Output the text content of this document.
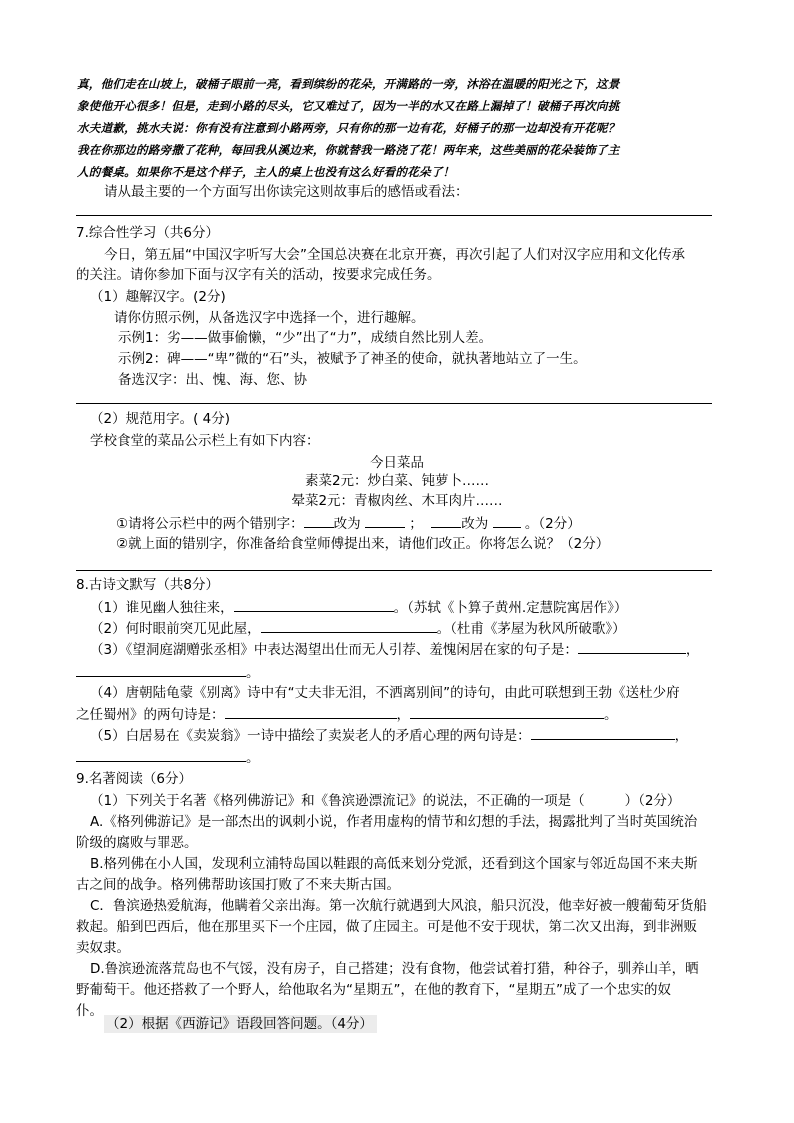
真，他们走在山坡上，破桶子眼前一亮，看到缤纷的花朵，开满路的一旁，沐浴在温暖的阳光之下，这景
象使他开心很多！但是，走到小路的尽头，它又难过了，因为一半的水又在路上漏掉了！破桶子再次向挑
水夫道歉，挑水夫说：你有没有注意到小路两旁，只有你的那一边有花，好桶子的那一边却没有开花呢？
我在你那边的路旁撒了花种，每回我从溪边来，你就替我一路浇了花！两年来，这些美丽的花朵装饰了主
人的餐桌。如果你不是这个样子，主人的桌上也没有这么好看的花朵了！
请从最主要的一个方面写出你读完这则故事后的感悟或看法：
7.综合性学习（共6分）
今日，第五届“中国汉字听写大会”全国总决赛在北京开赛，再次引起了人们对汉字应用和文化传承
的关注。请你参加下面与汉字有关的活动，按要求完成任务。
（1）趣解汉字。(2分)
请你仿照示例，从备选汉字中选择一个，进行趣解。
示例1：劣——做事偷懒，“少”出了“力”，成绩自然比别人差。
示例2：碑——“卑”微的“石”头，被赋予了神圣的使命，就执著地站立了一生。
备选汉字：出、愧、海、您、协
（2）规范用字。( 4分)
学校食堂的菜品公示栏上有如下内容：
今日菜品
素菜2元：炒白菜、钝萝卜……
晕菜2元：青椒肉丝、木耳肉片……
①请将公示栏中的两个错别字： 改为	；	改为	。（2分）
②就上面的错别字，你准备给食堂师傅提出来，请他们改正。你将怎么说？（2分）
8.古诗文默写（共8分）
（1）谁见幽人独往来，	。（苏轼《卜算子黄州.定慧院寓居作》）
（2）何时眼前突兀见此屋，	。（杜甫《茅屋为秋风所破歌》）
（3）《望洞庭湖赠张丞相》中表达渴望出仕而无人引荐、羞愧闲居在家的句子是：	，
。
（4）唐朝陆龟蒙《别离》诗中有“丈夫非无泪，不洒离别间”的诗句，由此可联想到王勃《送杜少府
之任蜀州》的两句诗是：	，	。
（5）白居易在《卖炭翁》一诗中描绘了卖炭老人的矛盾心理的两句诗是：	，
。
9.名著阅读（6分）
（1）下列关于名著《格列佛游记》和《鲁滨逊漂流记》的说法，不正确的一项是（	）（2分）
A.《格列佛游记》是一部杰出的讽刺小说，作者用虚构的情节和幻想的手法，揭露批判了当时英国统治
阶级的腐败与罪恶。
B.格列佛在小人国，发现利立浦特岛国以鞋跟的高低来划分党派，还看到这个国家与邻近岛国不来夫斯
古之间的战争。格列佛帮助该国打败了不来夫斯古国。
C．鲁滨逊热爱航海，他瞒着父亲出海。第一次航行就遇到大风浪，船只沉没，他幸好被一艘葡萄牙货船
救起。船到巴西后，他在那里买下一个庄园，做了庄园主。可是他不安于现状，第二次又出海，到非洲贩
卖奴隶。
D.鲁滨逊流落荒岛也不气馁，没有房子，自己搭建；没有食物，他尝试着打猎，种谷子，驯养山羊，晒
野葡萄干。他还搭救了一个野人，给他取名为“星期五”，在他的教育下，“星期五”成了一个忠实的奴
仆。
（2）根据《西游记》语段回答问题。（4分）
